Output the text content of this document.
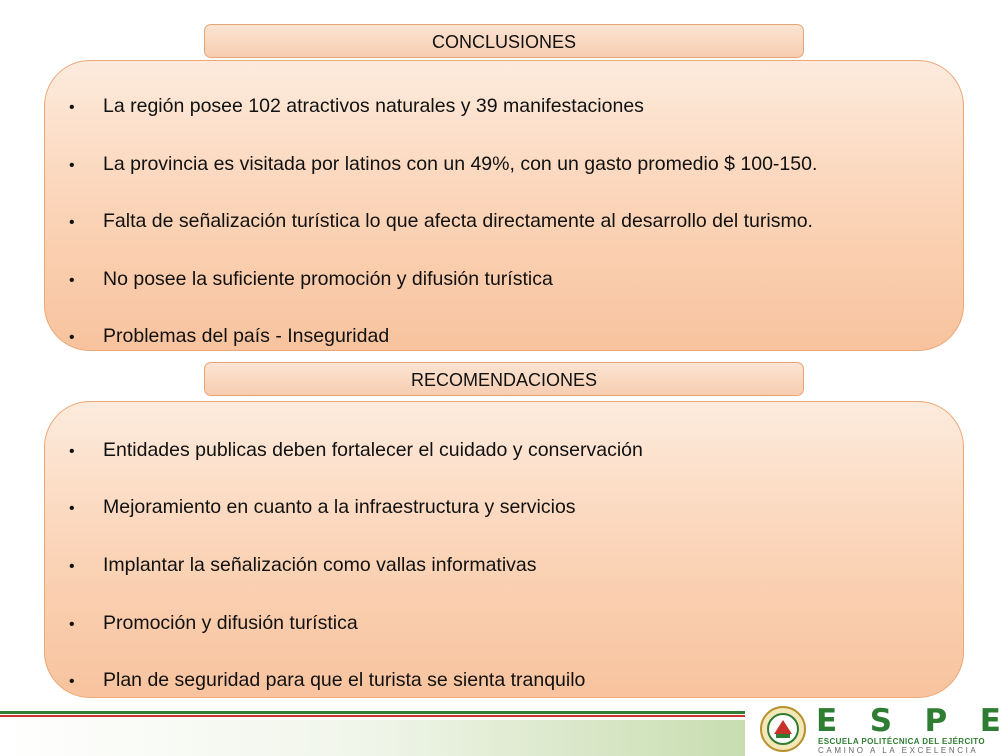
• La región posee 102 atractivos naturales y 39 manifestaciones
• La provincia es visitada por latinos con un 49%, con un gasto promedio $ 100-150.
• Falta de señalización turística lo que afecta directamente al desarrollo del turismo.
• No posee la suficiente promoción y difusión turística
• Problemas del país - Inseguridad
CONCLUSIONES
• Entidades publicas deben fortalecer el cuidado y conservación
• Mejoramiento en cuanto a la infraestructura y servicios
• Implantar la señalización como vallas informativas
• Promoción y difusión turística
• Plan de seguridad para que el turista se sienta tranquilo
RECOMENDACIONES
E S P E
ESCUELA POLITÉCNICA DEL EJÉRCITO
CAMINO A LA EXCELENCIA
